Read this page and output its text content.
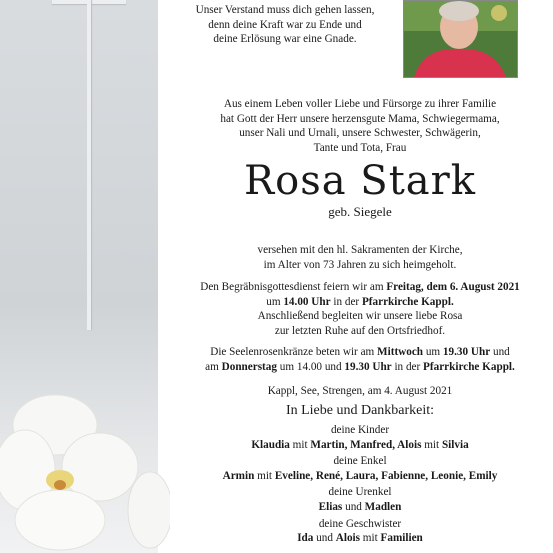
Unser Verstand muss dich gehen lassen,
denn deine Kraft war zu Ende und
deine Erlösung war eine Gnade.
Aus einem Leben voller Liebe und Fürsorge zu ihrer Familie
hat Gott der Herr unsere herzensgute Mama, Schwiegermama,
unser Nali und Urnali, unsere Schwester, Schwägerin,
Tante und Tota, Frau
Rosa Stark
geb. Siegele
versehen mit den hl. Sakramenten der Kirche,
im Alter von 73 Jahren zu sich heimgeholt.
Den Begräbnisgottesdienst feiern wir am Freitag, dem 6. August 2021
um 14.00 Uhr in der Pfarrkirche Kappl.
Anschließend begleiten wir unsere liebe Rosa
zur letzten Ruhe auf den Ortsfriedhof.
Die Seelenrosenkränze beten wir am Mittwoch um 19.30 Uhr und
am Donnerstag um 14.00 und 19.30 Uhr in der Pfarrkirche Kappl.
Kappl, See, Strengen, am 4. August 2021
In Liebe und Dankbarkeit:
deine Kinder
Klaudia mit Martin, Manfred, Alois mit Silvia
deine Enkel
Armin mit Eveline, René, Laura, Fabienne, Leonie, Emily
deine Urenkel
Elias und Madlen
deine Geschwister
Ida und Alois mit Familien
